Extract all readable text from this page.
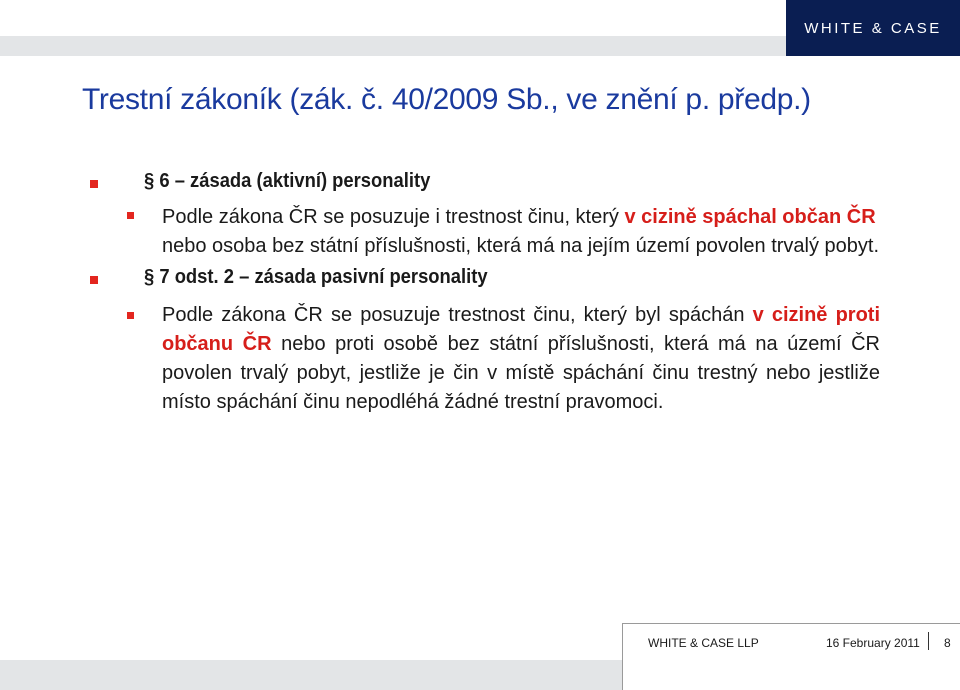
WHITE & CASE
Trestní zákoník (zák. č. 40/2009 Sb., ve znění p. předp.)
§ 6 – zásada (aktivní) personality

Podle zákona ČR se posuzuje i trestnost činu, který v cizině spáchal občan ČR nebo osoba bez státní příslušnosti, která má na jejím území povolen trvalý pobyt.

§ 7 odst. 2 – zásada pasivní personality

Podle zákona ČR se posuzuje trestnost činu, který byl spáchán v cizině proti občanu ČR nebo proti osobě bez státní příslušnosti, která má na území ČR povolen trvalý pobyt, jestliže je čin v místě spáchání činu trestný nebo jestliže místo spáchání činu nepodléhá žádné trestní pravomoci.

WHITE & CASE LLP	16 February 2011 8
